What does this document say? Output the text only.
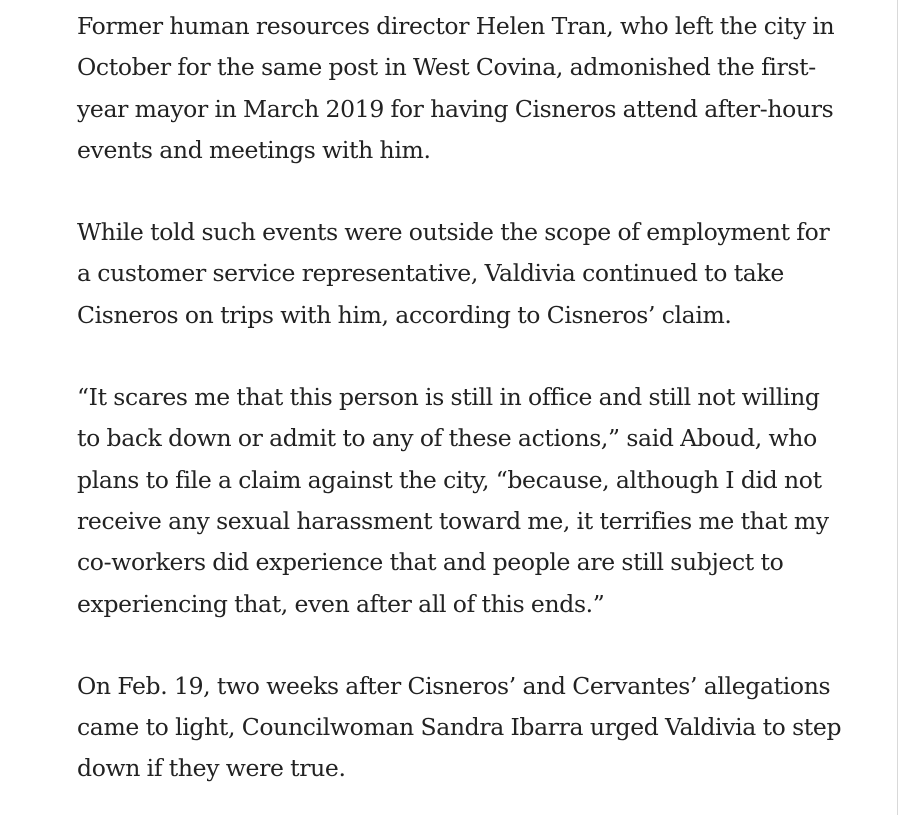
Former human resources director Helen Tran, who left the city in October for the same post in West Covina, admonished the first-year mayor in March 2019 for having Cisneros attend after-hours events and meetings with him.

While told such events were outside the scope of employment for a customer service representative, Valdivia continued to take Cisneros on trips with him, according to Cisneros’ claim.

“It scares me that this person is still in office and still not willing to back down or admit to any of these actions,” said Aboud, who plans to file a claim against the city, “because, although I did not receive any sexual harassment toward me, it terrifies me that my co-workers did experience that and people are still subject to experiencing that, even after all of this ends.”

On Feb. 19, two weeks after Cisneros’ and Cervantes’ allegations came to light, Councilwoman Sandra Ibarra urged Valdivia to step down if they were true.
